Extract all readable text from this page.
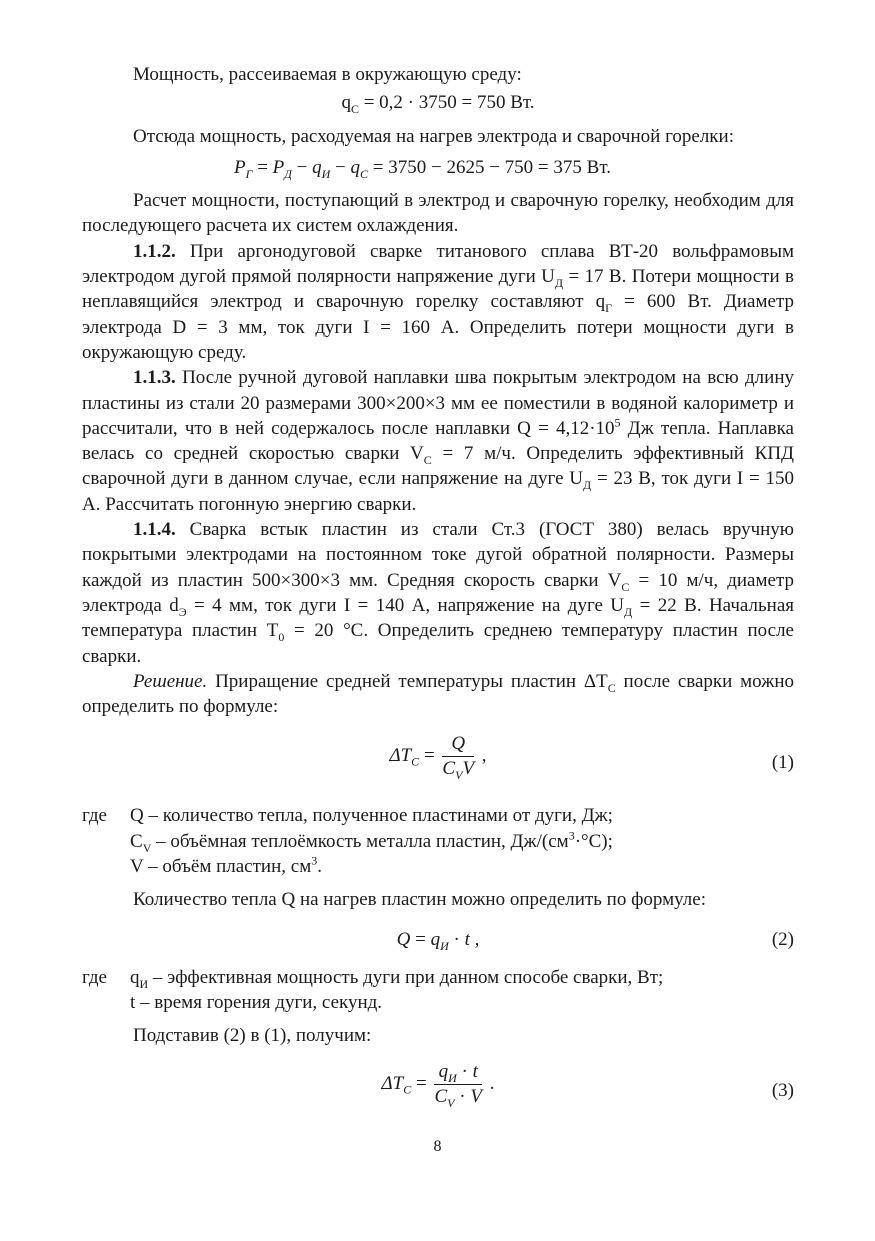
Мощность, рассеиваемая в окружающую среду:

$q_С = 0,2 \cdot 3750 = 750$ Вт.

Отсюда мощность, расходуемая на нагрев электрода и сварочной горелки:

$P_Г = P_Д - q_И - q_С = 3750 - 2625 - 750 = 375$ Вт.

Расчет мощности, поступающий в электрод и сварочную горелку, необходим для последующего расчета их систем охлаждения.

1.1.2. При аргонодуговой сварке титанового сплава ВТ-20 вольфрамовым электродом дугой прямой полярности напряжение дуги $U_Д = 17$ В. Потери мощности в неплавящийся электрод и сварочную горелку составляют $q_Г = 600$ Вт. Диаметр электрода D = 3 мм, ток дуги I = 160 А. Определить потери мощности дуги в окружающую среду.

1.1.3. После ручной дуговой наплавки шва покрытым электродом на всю длину пластины из стали 20 размерами 300×200×3 мм ее поместили в водяной калориметр и рассчитали, что в ней содержалось после наплавки $Q = 4,12\cdot 10^5$ Дж тепла. Наплавка велась со средней скоростью сварки $V_С = 7$ м/ч. Определить эффективный КПД сварочной дуги в данном случае, если напряжение на дуге $U_Д = 23$ В, ток дуги I = 150 А. Рассчитать погонную энергию сварки.

1.1.4. Сварка встык пластин из стали Ст.3 (ГОСТ 380) велась вручную покрытыми электродами на постоянном токе дугой обратной полярности. Размеры каждой из пластин 500×300×3 мм. Средняя скорость сварки $V_С = 10$ м/ч, диаметр электрода $d_Э = 4$ мм, ток дуги I = 140 А, напряжение на дуге $U_Д = 22$ В. Начальная температура пластин $T_0 = 20$ °С. Определить среднею температуру пластин после сварки.

Решение. Приращение средней температуры пластин $\Delta T_С$ после сварки можно определить по формуле:

$\Delta T_C = \frac{Q}{C_VV}$ ,	(1)
где	Q – количество тепла, полученное пластинами от дуги, Дж;
$C_V$ – объёмная теплоёмкость металла пластин, $Дж/(см^3\cdot^\circ С)$;
V – объём пластин, $см^3$.

Количество тепла Q на нагрев пластин можно определить по формуле:

$Q = q_И \cdot t$ ,	(2)
где	$q_И$ – эффективная мощность дуги при данном способе сварки, Вт;
t – время горения дуги, секунд.

Подставив (2) в (1), получим:

$\Delta T_C = \frac{q_И \cdot t}{C_V \cdot V}$ .	(3)
8
